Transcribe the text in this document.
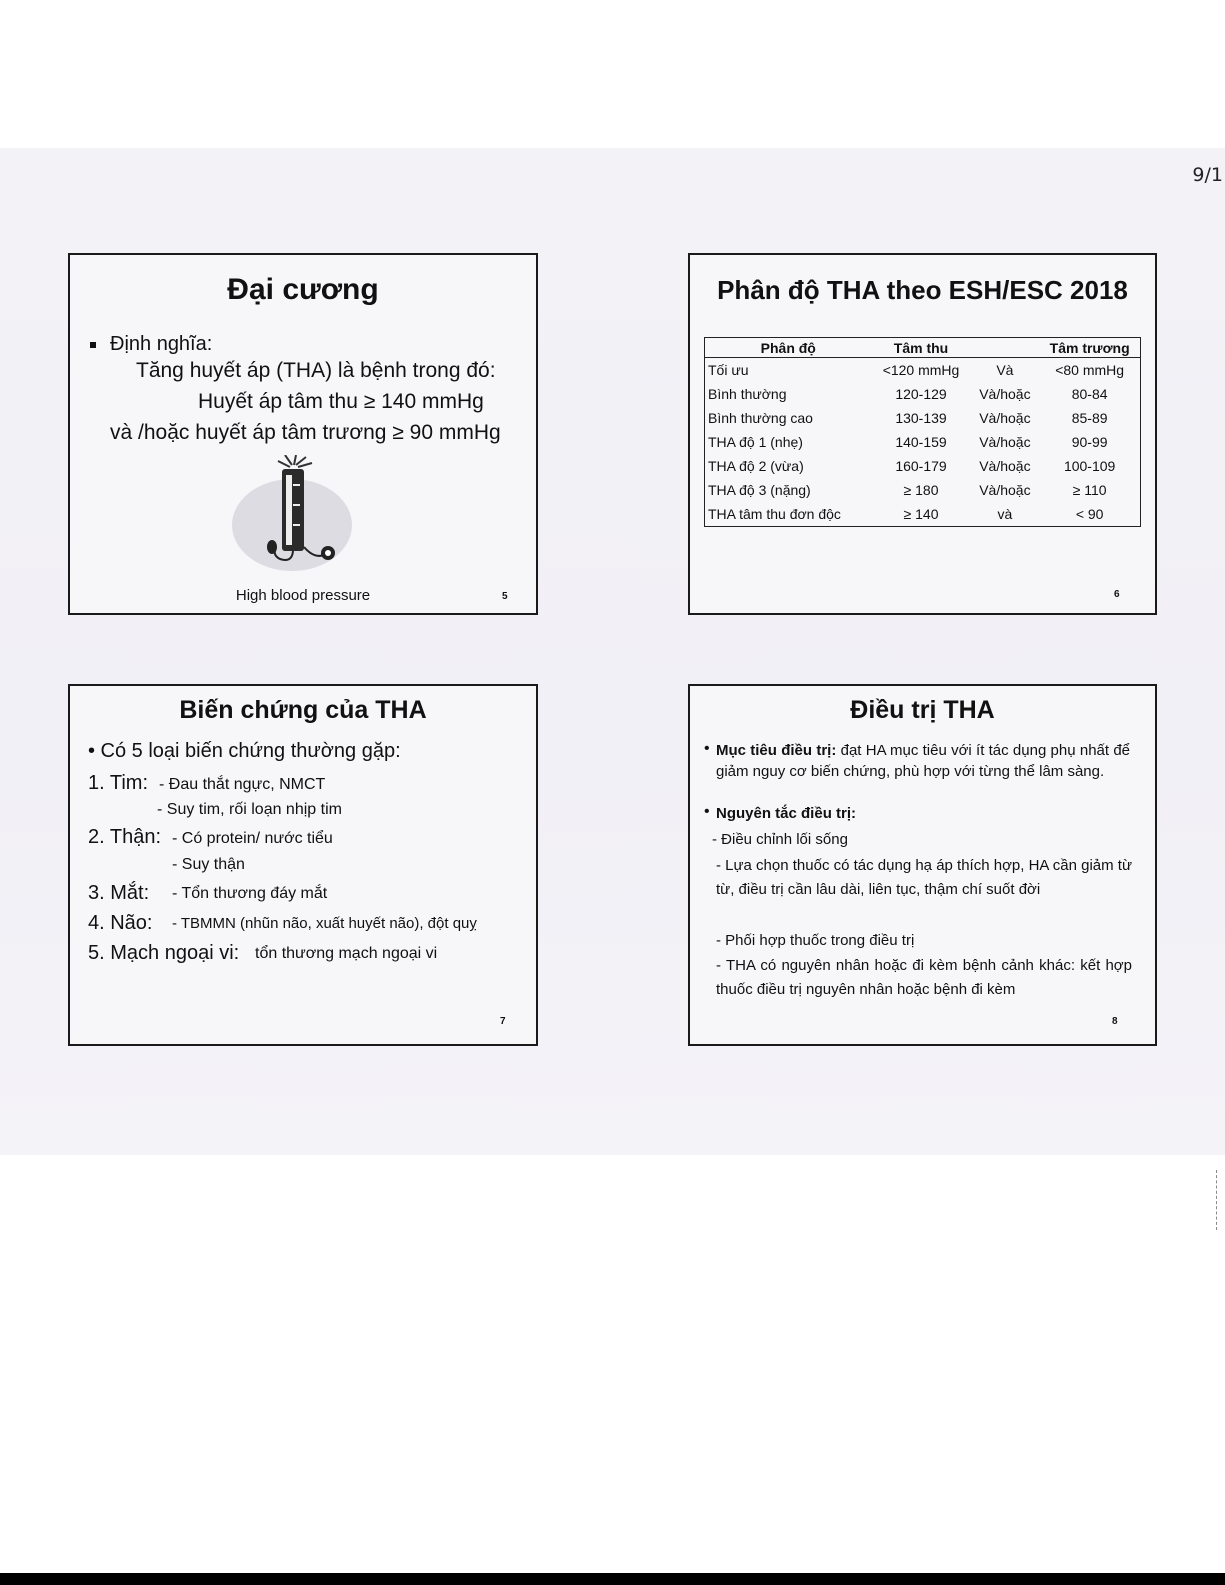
9/1
Đại cương
Định nghĩa:
Tăng huyết áp (THA) là bệnh trong đó:
Huyết áp tâm thu ≥ 140 mmHg
và /hoặc huyết áp tâm trương ≥ 90 mmHg
High blood pressure	5
Phân độ THA theo ESH/ESC 2018
Phân độ	Tâm thu		Tâm trương
Tối ưu	<120 mmHg	Và	<80 mmHg
Bình thường	120-129	Và/hoặc	80-84
Bình thường cao	130-139	Và/hoặc	85-89
THA độ 1 (nhẹ)	140-159	Và/hoặc	90-99
THA độ 2 (vừa)	160-179	Và/hoặc	100-109
THA độ 3 (nặng)	≥ 180	Và/hoặc	≥ 110
THA tâm thu đơn độc	≥ 140	và	< 90
6
Biến chứng của THA
• Có 5 loại biến chứng thường gặp:
1. Tim: - Đau thắt ngực, NMCT
- Suy tim, rối loạn nhịp tim
2. Thận: - Có protein/ nước tiểu
- Suy thận
3. Mắt: - Tổn thương đáy mắt
4. Não: - TBMMN (nhũn não, xuất huyết não), đột quỵ
5. Mạch ngoại vi: tổn thương mạch ngoại vi
7
Điều trị THA
• Mục tiêu điều trị: đạt HA mục tiêu với ít tác dụng phụ nhất để giảm nguy cơ biến chứng, phù hợp với từng thể lâm sàng.
• Nguyên tắc điều trị:
- Điều chỉnh lối sống
- Lựa chọn thuốc có tác dụng hạ áp thích hợp, HA cần giảm từ từ, điều trị cần lâu dài, liên tục, thậm chí suốt đời
- Phối hợp thuốc trong điều trị
- THA có nguyên nhân hoặc đi kèm bệnh cảnh khác: kết hợp thuốc điều trị nguyên nhân hoặc bệnh đi kèm
8
